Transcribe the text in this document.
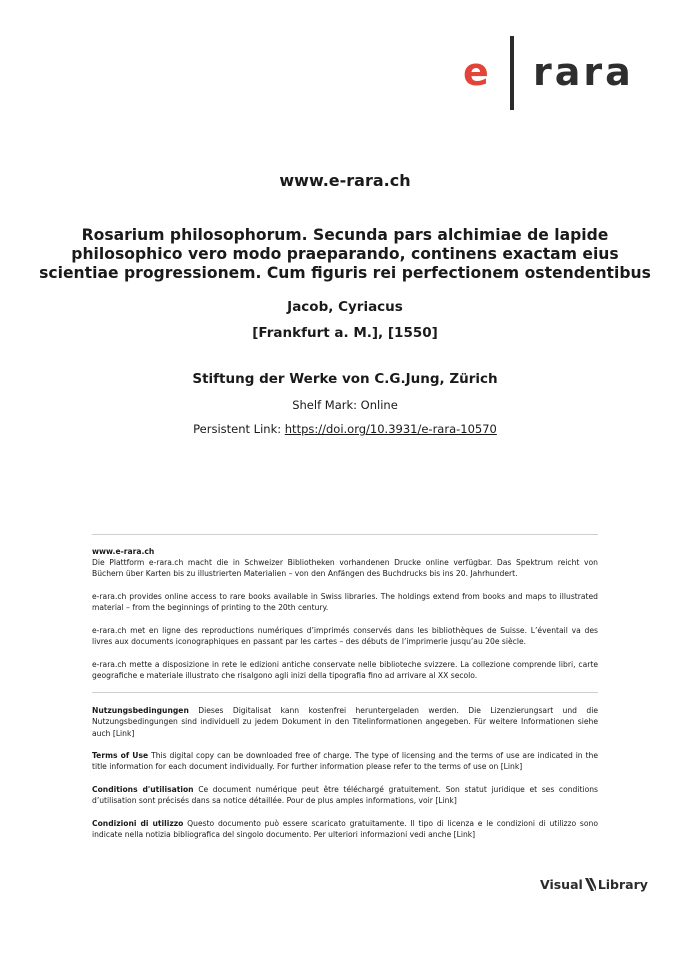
e rara
www.e-rara.ch
Rosarium philosophorum. Secunda pars alchimiae de lapide philosophico vero modo praeparando, continens exactam eius scientiae progressionem. Cum figuris rei perfectionem ostendentibus
Jacob, Cyriacus
[Frankfurt a. M.], [1550]
Stiftung der Werke von C.G.Jung, Zürich
Shelf Mark: Online
Persistent Link: https://doi.org/10.3931/e-rara-10570
www.e-rara.ch
Die Plattform e-rara.ch macht die in Schweizer Bibliotheken vorhandenen Drucke online verfügbar. Das Spektrum reicht von Büchern über Karten bis zu illustrierten Materialien – von den Anfängen des Buchdrucks bis ins 20. Jahrhundert.
e-rara.ch provides online access to rare books available in Swiss libraries. The holdings extend from books and maps to illustrated material – from the beginnings of printing to the 20th century.
e-rara.ch met en ligne des reproductions numériques d’imprimés conservés dans les bibliothèques de Suisse. L’éventail va des livres aux documents iconographiques en passant par les cartes – des débuts de l’imprimerie jusqu’au 20e siècle.
e-rara.ch mette a disposizione in rete le edizioni antiche conservate nelle biblioteche svizzere. La collezione comprende libri, carte geografiche e materiale illustrato che risalgono agli inizi della tipografia fino ad arrivare al XX secolo.
Nutzungsbedingungen Dieses Digitalisat kann kostenfrei heruntergeladen werden. Die Lizenzierungsart und die Nutzungsbedingungen sind individuell zu jedem Dokument in den Titelinformationen angegeben. Für weitere Informationen siehe auch [Link]
Terms of Use This digital copy can be downloaded free of charge. The type of licensing and the terms of use are indicated in the title information for each document individually. For further information please refer to the terms of use on [Link]
Conditions d'utilisation Ce document numérique peut être téléchargé gratuitement. Son statut juridique et ses conditions d’utilisation sont précisés dans sa notice détaillée. Pour de plus amples informations, voir [Link]
Condizioni di utilizzo Questo documento può essere scaricato gratuitamente. Il tipo di licenza e le condizioni di utilizzo sono indicate nella notizia bibliografica del singolo documento. Per ulteriori informazioni vedi anche [Link]
Visual Library
